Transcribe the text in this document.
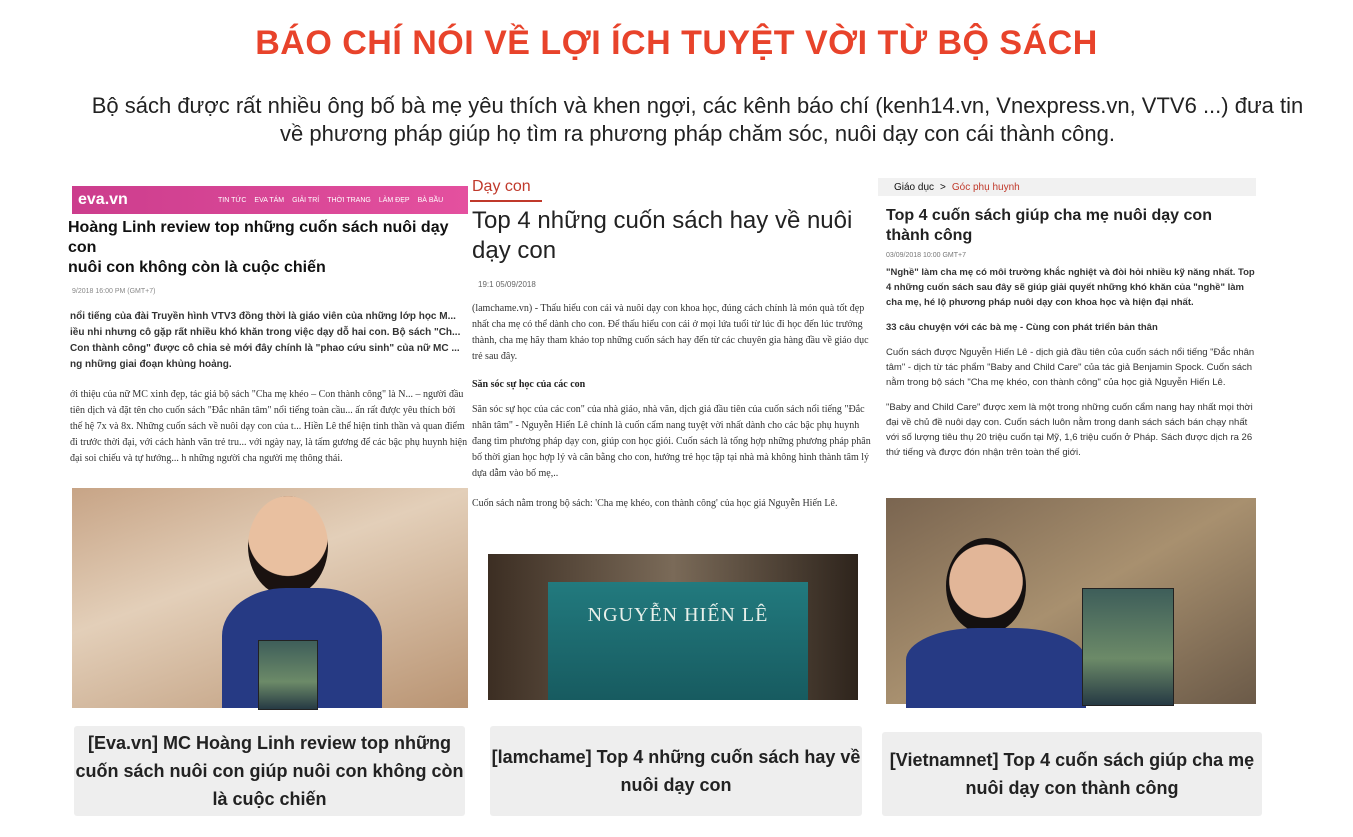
BÁO CHÍ NÓI VỀ LỢI ÍCH TUYỆT VỜI TỪ BỘ SÁCH
Bộ sách được rất nhiều ông bố bà mẹ yêu thích và khen ngợi, các kênh báo chí (kenh14.vn, Vnexpress.vn, VTV6 ...) đưa tin về phương pháp giúp họ tìm ra phương pháp chăm sóc, nuôi dạy con cái thành công.
eva.vn	TIN TỨC EVA TÁM GIẢI TRÍ THỜI TRANG LÀM ĐẸP BÀ BẦU
Hoàng Linh review top những cuốn sách nuôi dạy con
nuôi con không còn là cuộc chiến
9/2018 16:00 PM (GMT+7)
nổi tiếng của đài Truyền hình VTV3 đồng thời là giáo viên của những lớp học M... iều nhi nhưng cô gặp rất nhiều khó khăn trong việc dạy dỗ hai con. Bộ sách "Ch... Con thành công" được cô chia sẻ mới đây chính là "phao cứu sinh" của nữ MC ... ng những giai đoạn khủng hoảng.
ới thiệu của nữ MC xinh đẹp, tác giả bộ sách "Cha mẹ khéo – Con thành công" là N... – người đầu tiên dịch và đặt tên cho cuốn sách "Đắc nhân tâm" nổi tiếng toàn cầu... ấn rất được yêu thích bởi thế hệ 7x và 8x. Những cuốn sách về nuôi dạy con của t... Hiền Lê thể hiện tinh thần và quan điểm đi trước thời đại, với cách hành văn trẻ tru... với ngày nay, là tấm gương để các bậc phụ huynh hiện đại soi chiếu và tự hướng... h những người cha người mẹ thông thái.
Dạy con
Top 4 những cuốn sách hay về nuôi
dạy con
19:1 05/09/2018
(lamchame.vn) - Thấu hiểu con cái và nuôi dạy con khoa học, đúng cách chính là món quà tốt đẹp nhất cha mẹ có thể dành cho con. Để thấu hiểu con cái ở mọi lứa tuổi từ lúc đi học đến lúc trưởng thành, cha mẹ hãy tham khảo top những cuốn sách hay đến từ các chuyên gia hàng đầu về giáo dục trẻ sau đây.
Săn sóc sự học của các con
Săn sóc sự học của các con" của nhà giáo, nhà văn, dịch giả đầu tiên của cuốn sách nổi tiếng "Đắc nhân tâm" - Nguyễn Hiến Lê chính là cuốn cẩm nang tuyệt vời nhất dành cho các bậc phụ huynh đang tìm phương pháp dạy con, giúp con học giỏi. Cuốn sách là tổng hợp những phương pháp phân bố thời gian học hợp lý và cân bằng cho con, hướng trẻ học tập tại nhà mà không hình thành tâm lý dựa dẫm vào bố mẹ,..
Cuốn sách nằm trong bộ sách: 'Cha mẹ khéo, con thành công' của học giả Nguyễn Hiến Lê.
NGUYỄN HIẾN LÊ
Giáo dục > Góc phụ huynh
Top 4 cuốn sách giúp cha mẹ nuôi dạy con
thành công
03/09/2018 10:00 GMT+7
"Nghề" làm cha mẹ có môi trường khắc nghiệt và đòi hỏi nhiều kỹ năng nhất. Top 4 những cuốn sách sau đây sẽ giúp giải quyết những khó khăn của "nghề" làm cha mẹ, hé lộ phương pháp nuôi dạy con khoa học và hiện đại nhất.
33 câu chuyện với các bà mẹ - Cùng con phát triển bản thân
Cuốn sách được Nguyễn Hiến Lê - dịch giả đầu tiên của cuốn sách nổi tiếng "Đắc nhân tâm" - dịch từ tác phẩm "Baby and Child Care" của tác giả Benjamin Spock. Cuốn sách nằm trong bộ sách "Cha mẹ khéo, con thành công" của học giả Nguyễn Hiến Lê.
"Baby and Child Care" được xem là một trong những cuốn cẩm nang hay nhất mọi thời đại về chủ đề nuôi dạy con. Cuốn sách luôn nằm trong danh sách sách bán chạy nhất với số lượng tiêu thụ 20 triệu cuốn tại Mỹ, 1,6 triệu cuốn ở Pháp. Sách được dịch ra 26 thứ tiếng và được đón nhận trên toàn thế giới.
[Eva.vn] MC Hoàng Linh review top những cuốn sách nuôi con giúp nuôi con không còn là cuộc chiến
[lamchame] Top 4 những cuốn sách hay về nuôi dạy con
[Vietnamnet] Top 4 cuốn sách giúp cha mẹ nuôi dạy con thành công
